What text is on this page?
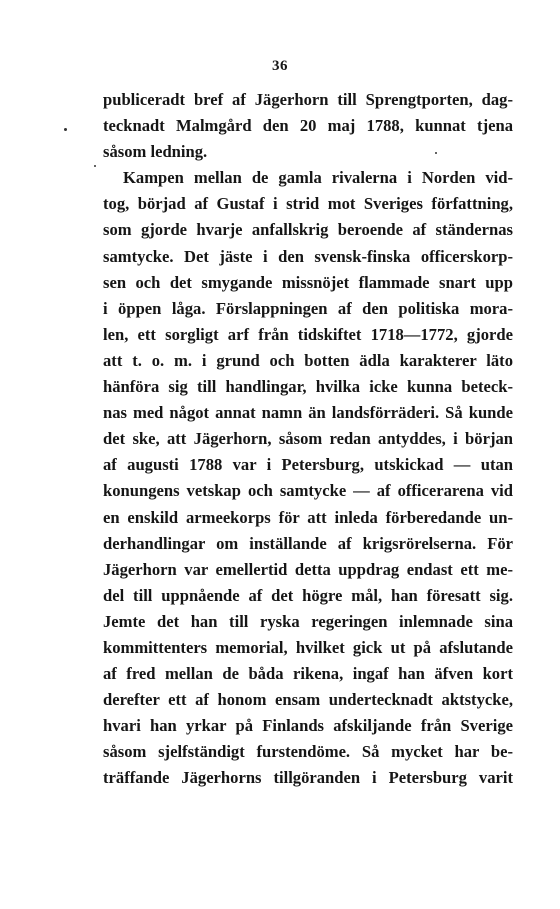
36
publiceradt bref af Jägerhorn till Sprengtporten, dag-
tecknadt Malmgård den 20 maj 1788, kunnat tjena
såsom ledning.
Kampen mellan de gamla rivalerna i Norden vid-
tog, börjad af Gustaf i strid mot Sveriges författning,
som gjorde hvarje anfallskrig beroende af ständernas
samtycke. Det jäste i den svensk-finska officerskorp-
sen och det smygande missnöjet flammade snart upp
i öppen låga. Förslappningen af den politiska mora-
len, ett sorgligt arf från tidskiftet 1718—1772, gjorde
att t. o. m. i grund och botten ädla karakterer läto
hänföra sig till handlingar, hvilka icke kunna beteck-
nas med något annat namn än landsförräderi. Så kunde
det ske, att Jägerhorn, såsom redan antyddes, i början
af augusti 1788 var i Petersburg, utskickad — utan
konungens vetskap och samtycke — af officerarena vid
en enskild armeekorps för att inleda förberedande un-
derhandlingar om inställande af krigsrörelserna. För
Jägerhorn var emellertid detta uppdrag endast ett me-
del till uppnående af det högre mål, han föresatt sig.
Jemte det han till ryska regeringen inlemnade sina
kommittenters memorial, hvilket gick ut på afslutande
af fred mellan de båda rikena, ingaf han äfven kort
derefter ett af honom ensam undertecknadt aktstycke,
hvari han yrkar på Finlands afskiljande från Sverige
såsom sjelfständigt furstendöme. Så mycket har be-
träffande Jägerhorns tillgöranden i Petersburg varit
